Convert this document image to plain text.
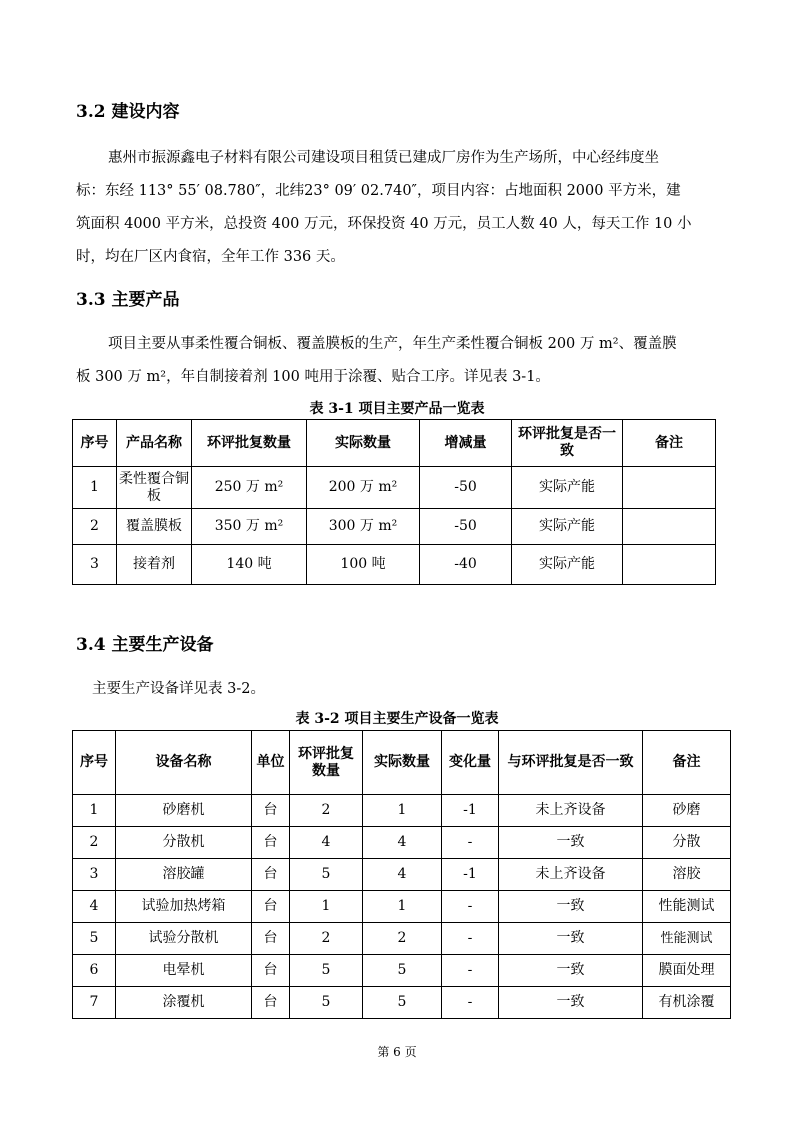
3.2 建设内容

惠州市振源鑫电子材料有限公司建设项目租赁已建成厂房作为生产场所，中心经纬度坐

标：东经 113° 55′ 08.780″，北纬23° 09′ 02.740″，项目内容：占地面积 2000 平方米，建

筑面积 4000 平方米，总投资 400 万元，环保投资 40 万元，员工人数 40 人，每天工作 10 小

时，均在厂区内食宿，全年工作 336 天。

3.3 主要产品

项目主要从事柔性覆合铜板、覆盖膜板的生产，年生产柔性覆合铜板 200 万 m²、覆盖膜

板 300 万 m²，年自制接着剂 100 吨用于涂覆、贴合工序。详见表 3-1。

表 3-1 项目主要产品一览表

序号	产品名称	环评批复数量	实际数量	增减量	环评批复是否一致	备注
1	柔性覆合铜板	250 万 m²	200 万 m²	-50	实际产能	
2	覆盖膜板	350 万 m²	300 万 m²	-50	实际产能	
3	接着剂	140 吨	100 吨	-40	实际产能	
3.4 主要生产设备

主要生产设备详见表 3-2。

表 3-2 项目主要生产设备一览表

序号	设备名称	单位	环评批复数量	实际数量	变化量	与环评批复是否一致	备注
1	砂磨机	台	2	1	-1	未上齐设备	砂磨
2	分散机	台	4	4	-	一致	分散
3	溶胶罐	台	5	4	-1	未上齐设备	溶胶
4	试验加热烤箱	台	1	1	-	一致	性能测试
5	试验分散机	台	2	2	-	一致	性能测试
6	电晕机	台	5	5	-	一致	膜面处理
7	涂覆机	台	5	5	-	一致	有机涂覆
第 6 页
